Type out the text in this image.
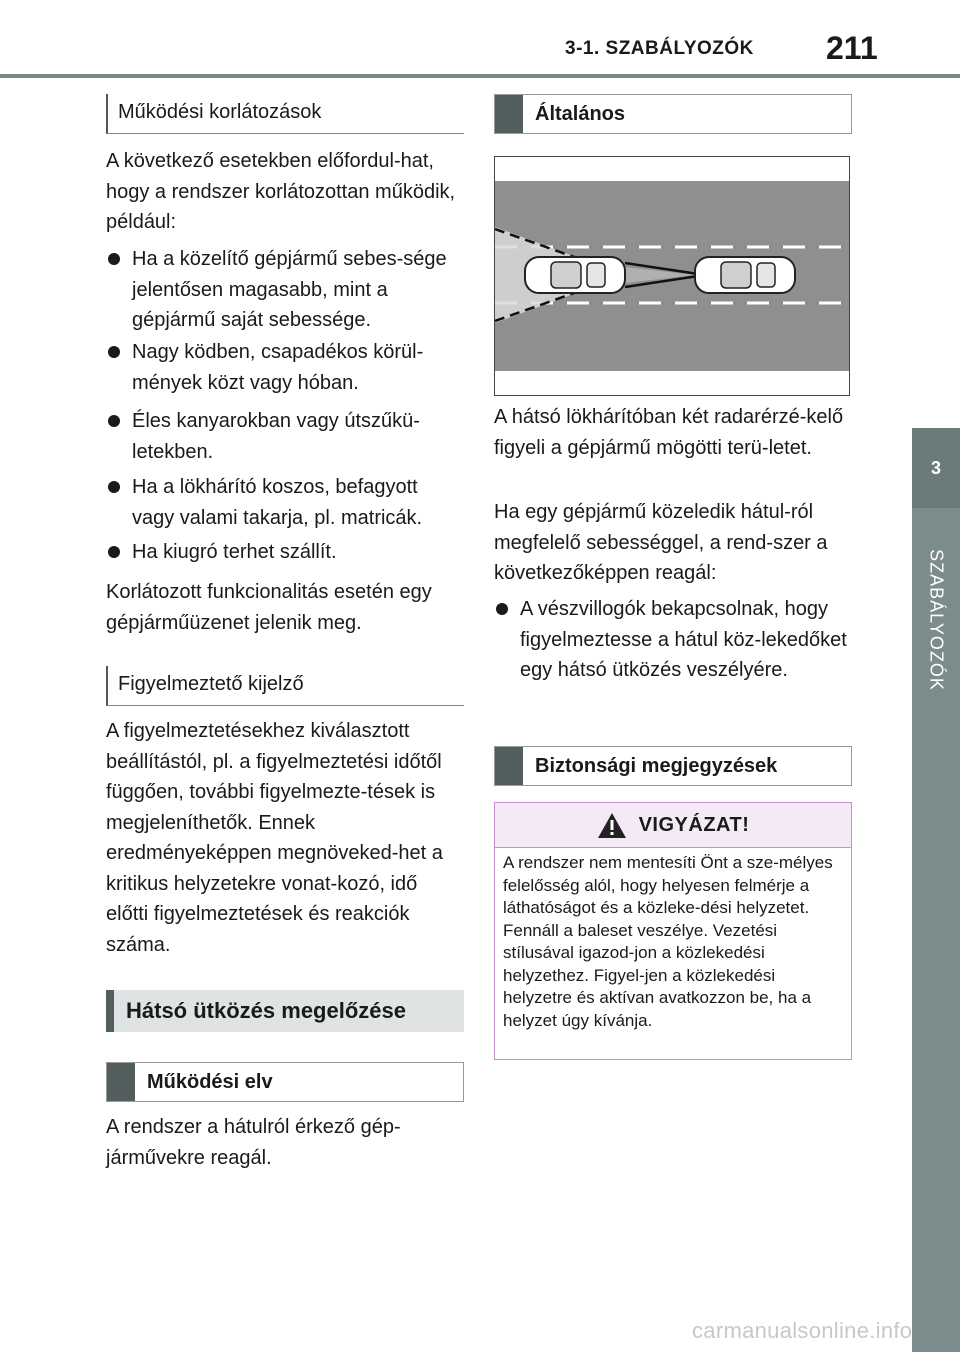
3-1. SZABÁLYOZÓK 211
3
SZABÁLYOZÓK
Működési korlátozások
A következő esetekben előfordul-hat, hogy a rendszer korlátozottan működik, például:
Ha a közelítő gépjármű sebes-sége jelentősen magasabb, mint a gépjármű saját sebessége.
Nagy ködben, csapadékos körül-mények közt vagy hóban.
Éles kanyarokban vagy útszűkü-letekben.
Ha a lökhárító koszos, befagyott vagy valami takarja, pl. matricák.
Ha kiugró terhet szállít.
Korlátozott funkcionalitás esetén egy gépjárműüzenet jelenik meg.
Figyelmeztető kijelző
A figyelmeztetésekhez kiválasztott beállítástól, pl. a figyelmeztetési időtől függően, további figyelmezte-tések is megjeleníthetők. Ennek eredményeképpen megnöveked-het a kritikus helyzetekre vonat-kozó, idő előtti figyelmeztetések és reakciók száma.
Hátsó ütközés megelőzése
Működési elv
A rendszer a hátulról érkező gép-járművekre reagál.
Általános
A hátsó lökhárítóban két radarérzé-kelő figyeli a gépjármű mögötti terü-letet.
Ha egy gépjármű közeledik hátul-ról megfelelő sebességgel, a rend-szer a következőképpen reagál:
A vészvillogók bekapcsolnak, hogy figyelmeztesse a hátul köz-lekedőket egy hátsó ütközés veszélyére.
Biztonsági megjegyzések
VIGYÁZAT!
A rendszer nem mentesíti Önt a sze-mélyes felelősség alól, hogy helyesen felmérje a láthatóságot és a közleke-dési helyzetet. Fennáll a baleset veszélye. Vezetési stílusával igazod-jon a közlekedési helyzethez. Figyel-jen a közlekedési helyzetre és aktívan avatkozzon be, ha a helyzet úgy kívánja.
carmanualsonline.info
